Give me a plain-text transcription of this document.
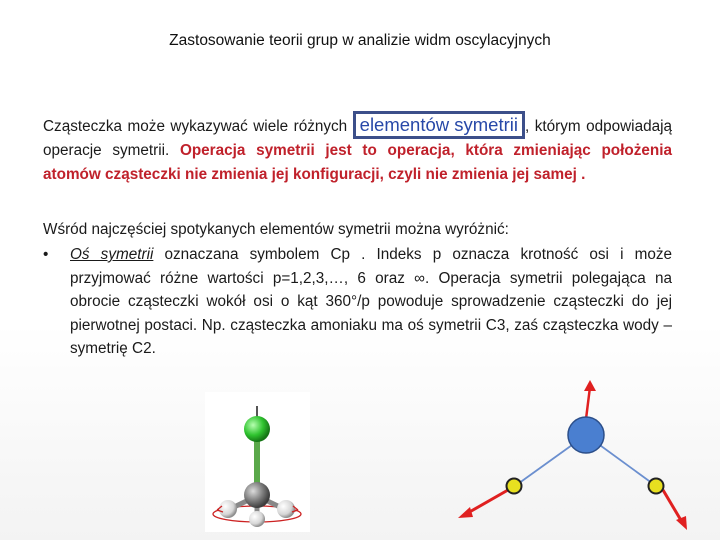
Zastosowanie teorii grup w analizie widm oscylacyjnych
Cząsteczka może wykazywać wiele różnych elementów symetrii , którym odpowiadają operacje symetrii. Operacja symetrii jest to operacja, która zmieniając położenia atomów cząsteczki nie zmienia jej konfiguracji, czyli nie zmienia jej samej .
Wśród najczęściej spotykanych elementów symetrii można wyróżnić:
• Oś symetrii oznaczana symbolem Cp . Indeks p oznacza krotność osi i może przyjmować różne wartości p=1,2,3,…, 6 oraz ∞. Operacja symetrii polegająca na obrocie cząsteczki wokół osi o kąt 360°/p powoduje sprowadzenie cząsteczki do jej pierwotnej postaci. Np. cząsteczka amoniaku ma oś symetrii C3, zaś cząsteczka wody –symetrię C2.
